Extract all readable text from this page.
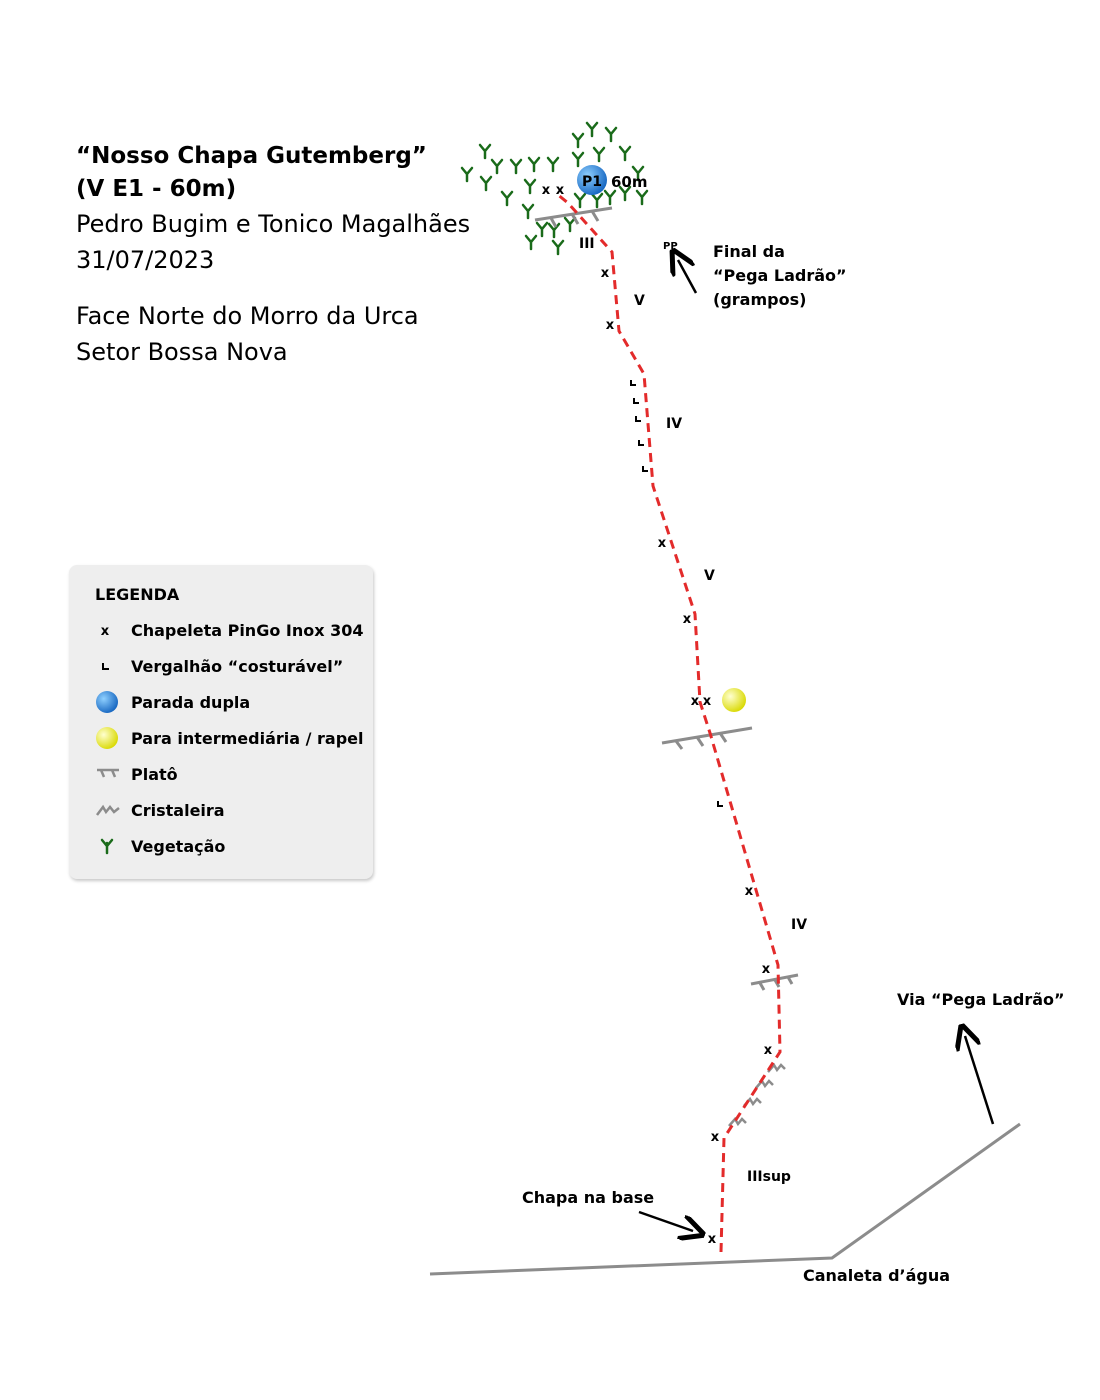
“Nosso Chapa Gutemberg”
(V E1 - 60m)
Pedro Bugim e Tonico Magalhães
31/07/2023
Face Norte do Morro da Urca
Setor Bossa Nova
LEGENDA
x Chapeleta PinGo Inox 304
Vergalhão “costurável”
Parada dupla
Para intermediária / rapel
Platô
Cristaleira
Vegetação
x x
x
x
x
x
x x
x
x
x
x
x
P1 60m
III
V
IV
V
IV
IIIsup
PP Final da
“Pega Ladrão”
(grampos)
Via “Pega Ladrão”
Chapa na base
Canaleta d’água
